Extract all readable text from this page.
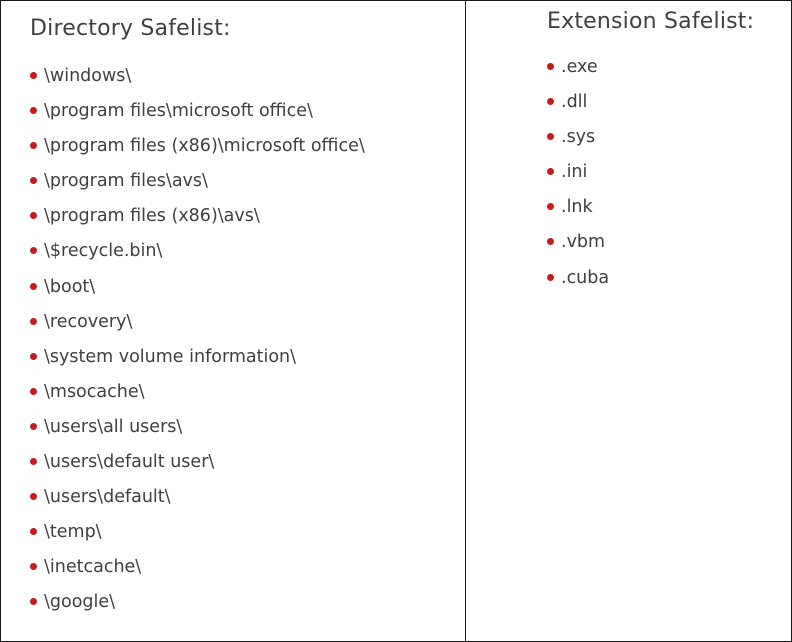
Directory Safelist:
\windows\
\program files\microsoft office\
\program files (x86)\microsoft office\
\program files\avs\
\program files (x86)\avs\
\$recycle.bin\
\boot\
\recovery\
\system volume information\
\msocache\
\users\all users\
\users\default user\
\users\default\
\temp\
\inetcache\
\google\
Extension Safelist:
.exe
.dll
.sys
.ini
.lnk
.vbm
.cuba
